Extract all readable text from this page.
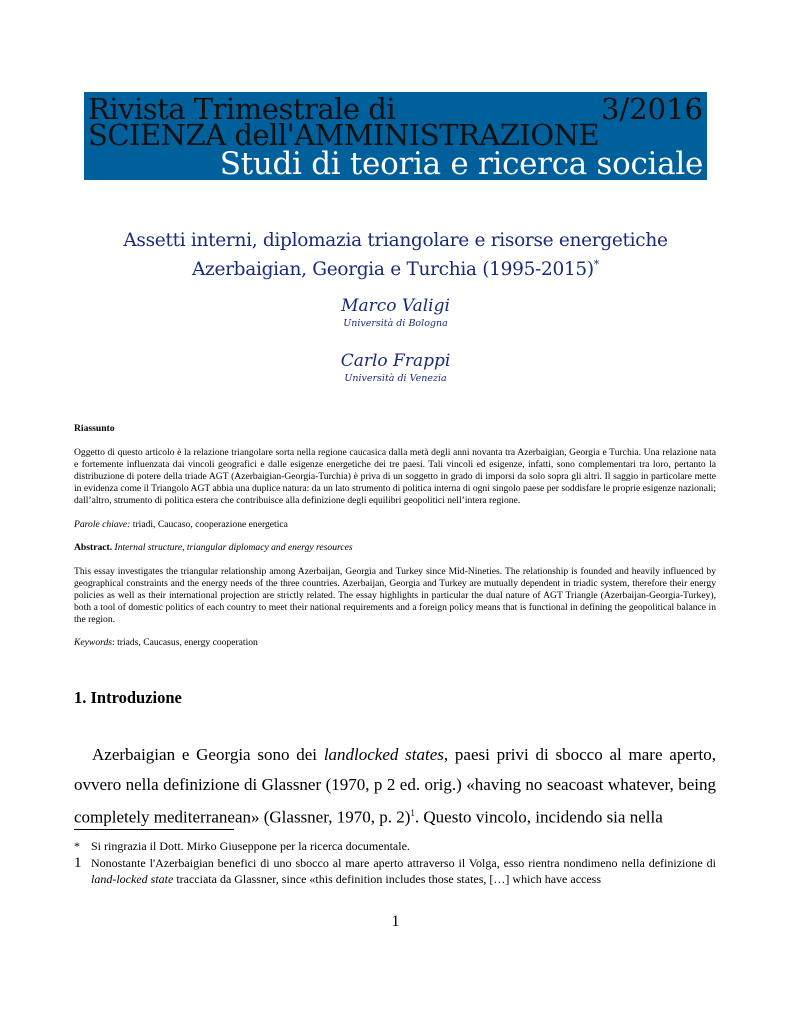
Rivista Trimestrale di	3/2016
SCIENZA dell'AMMINISTRAZIONE
Studi di teoria e ricerca sociale
Assetti interni, diplomazia triangolare e risorse energetiche
Azerbaigian, Georgia e Turchia (1995-2015)*
Marco Valigi
Università di Bologna
Carlo Frappi
Università di Venezia
Riassunto
Oggetto di questo articolo è la relazione triangolare sorta nella regione caucasica dalla metà degli anni novanta tra Azerbaigian, Georgia e Turchia. Una relazione nata e fortemente influenzata dai vincoli geografici e dalle esigenze energetiche dei tre paesi. Tali vincoli ed esigenze, infatti, sono complementari tra loro, pertanto la distribuzione di potere della triade AGT (Azerbaigian-Georgia-Turchia) è priva di un soggetto in grado di imporsi da solo sopra gli altri. Il saggio in particolare mette in evidenza come il Triangolo AGT abbia una duplice natura: da un lato strumento di politica interna di ogni singolo paese per soddisfare le proprie esigenze nazionali; dall’altro, strumento di politica estera che contribuisce alla definizione degli equilibri geopolitici nell’intera regione.
Parole chiave: triadi, Caucaso, cooperazione energetica
Abstract. Internal structure, triangular diplomacy and energy resources
This essay investigates the triangular relationship among Azerbaijan, Georgia and Turkey since Mid-Nineties. The relationship is founded and heavily influenced by geographical constraints and the energy needs of the three countries. Azerbaijan, Georgia and Turkey are mutually dependent in triadic system, therefore their energy policies as well as their international projection are strictly related. The essay highlights in particular the dual nature of AGT Triangle (Azerbaijan-Georgia-Turkey), both a tool of domestic politics of each country to meet their national requirements and a foreign policy means that is functional in defining the geopolitical balance in the region.
Keywords: triads, Caucasus, energy cooperation
1. Introduzione

Azerbaigian e Georgia sono dei landlocked states, paesi privi di sbocco al mare aperto, ovvero nella definizione di Glassner (1970, p 2 ed. orig.) «having no seacoast whatever, being completely mediterranean» (Glassner, 1970, p. 2)$^1$. Questo vincolo, incidendo sia nella

* Si ringrazia il Dott. Mirko Giuseppone per la ricerca documentale.
1 Nonostante l'Azerbaigian benefici di uno sbocco al mare aperto attraverso il Volga, esso rientra nondimeno nella definizione di land-locked state tracciata da Glassner, since «this definition includes those states, […] which have access
1
